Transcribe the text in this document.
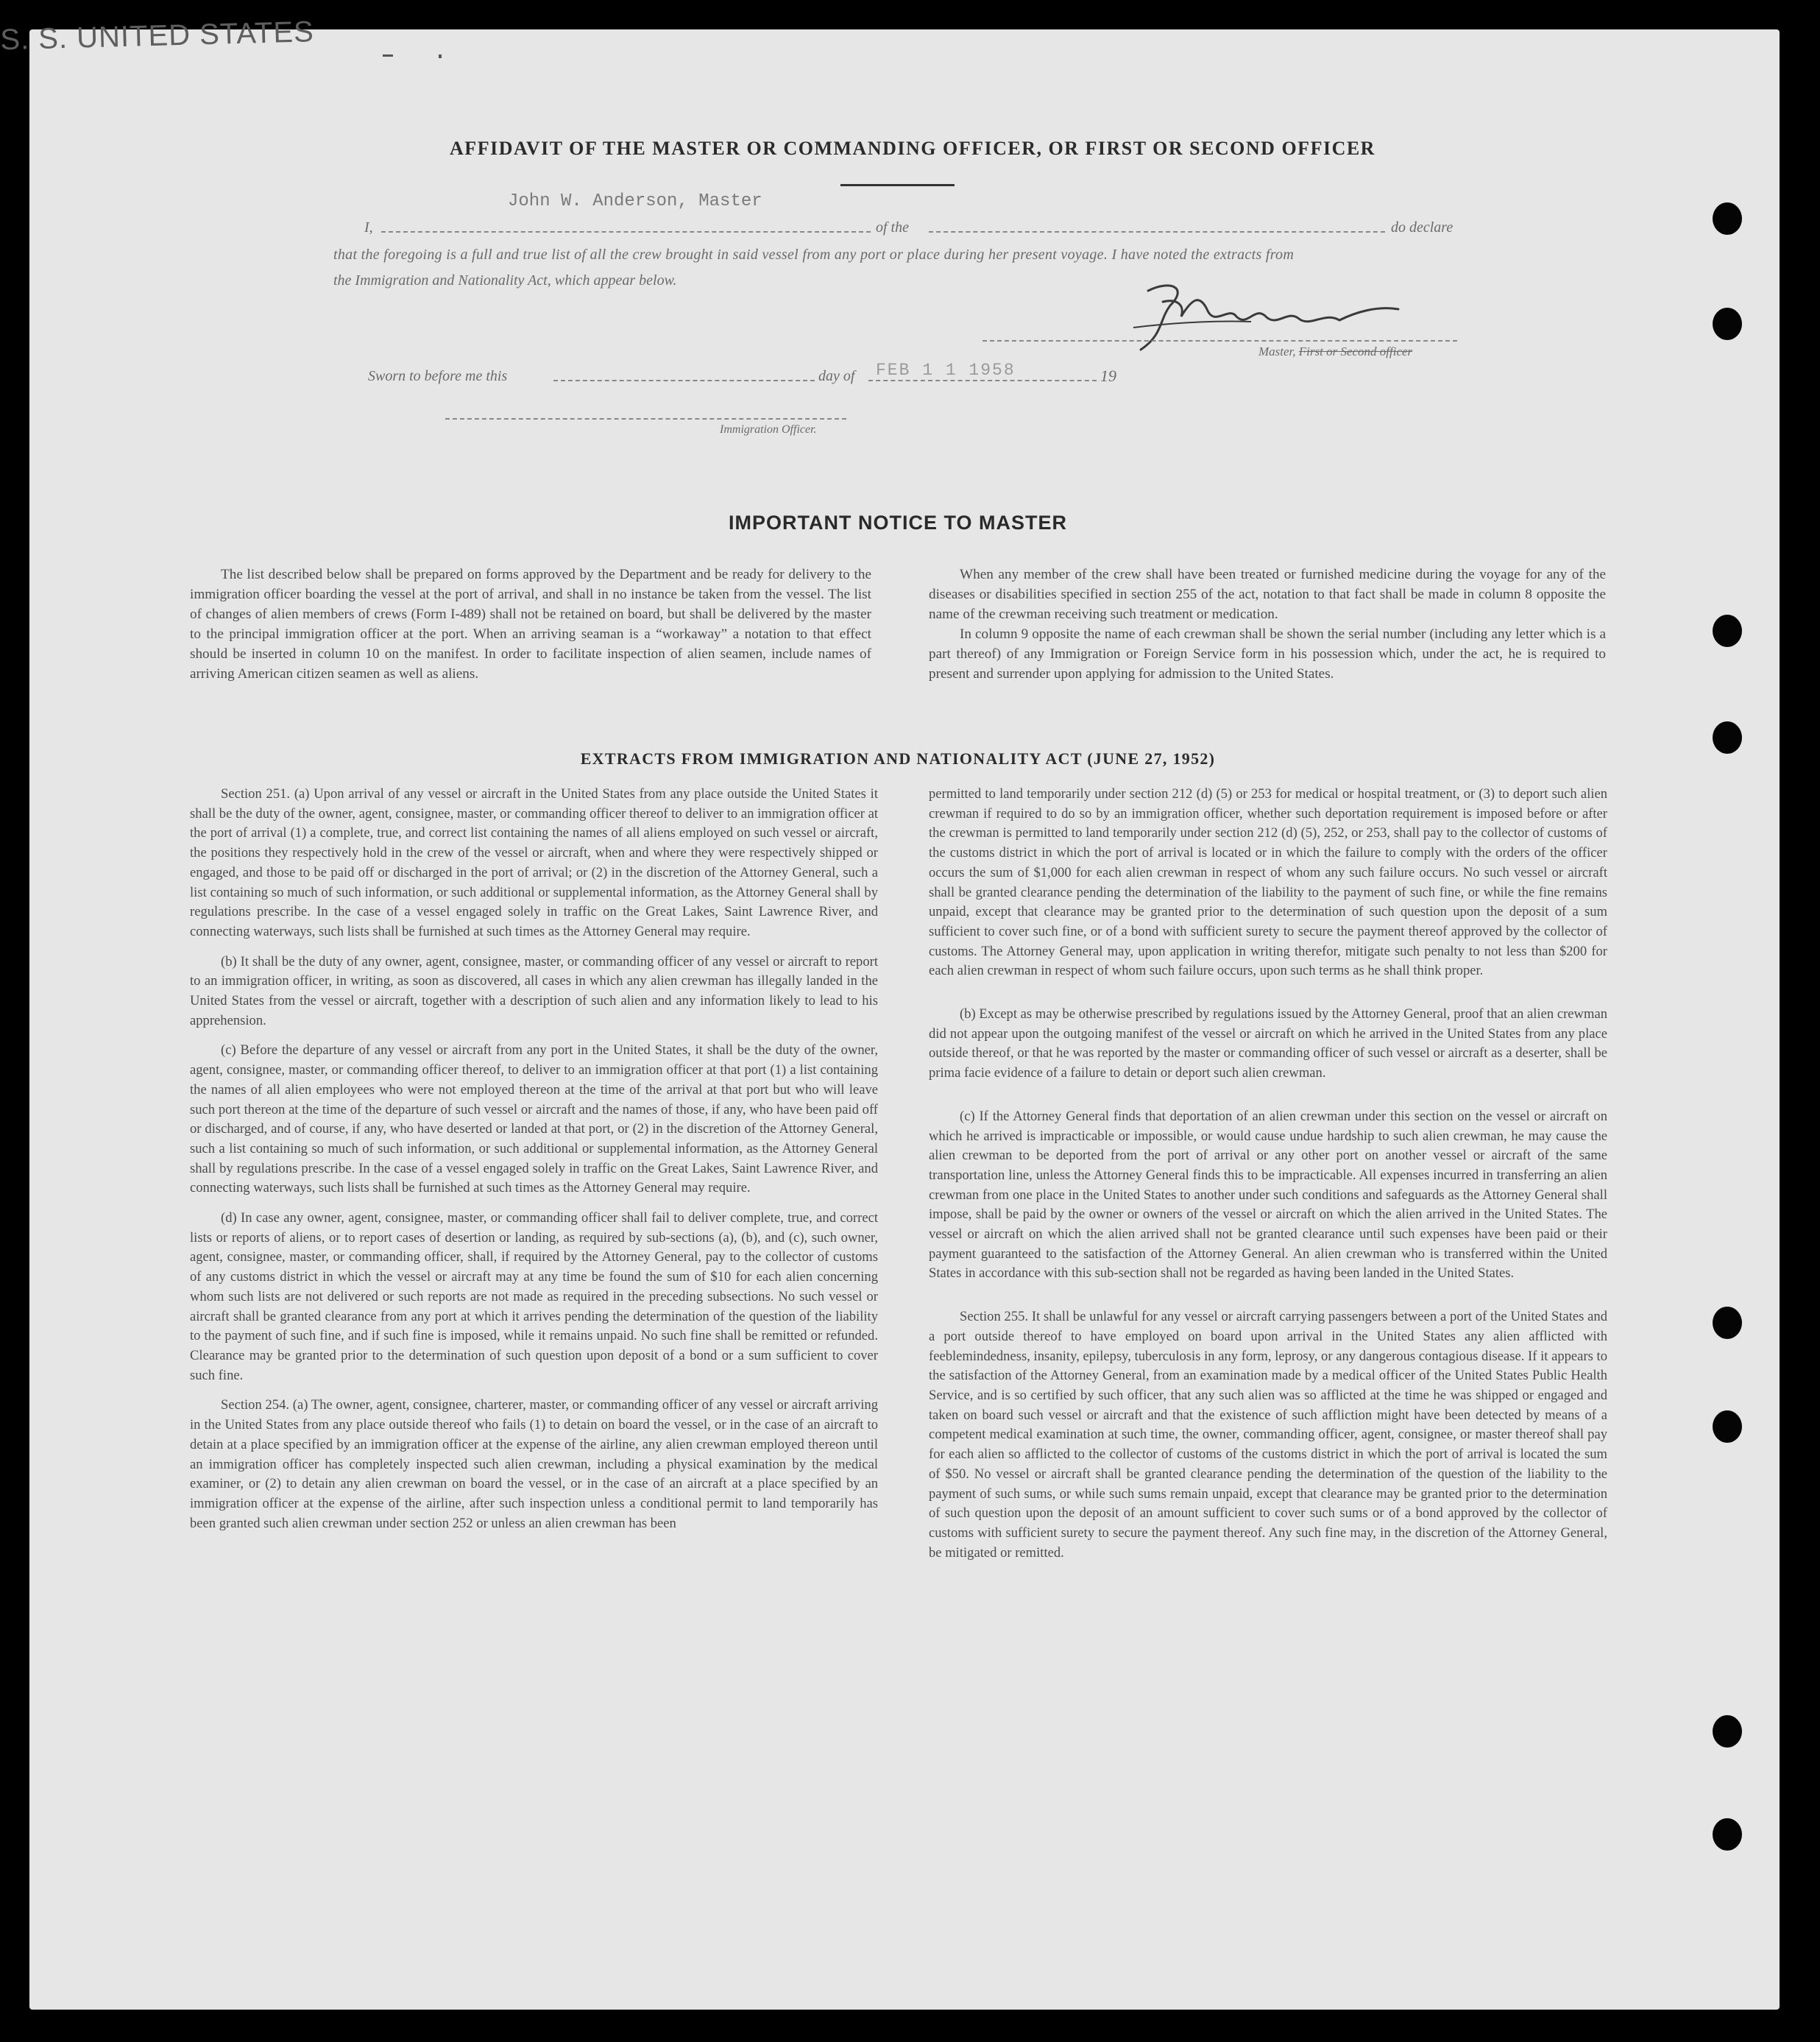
AFFIDAVIT OF THE MASTER OR COMMANDING OFFICER, OR FIRST OR SECOND OFFICER
I,
John W. Anderson, Master
of the
S. S. UNITED STATES
do declare
that the foregoing is a full and true list of all the crew brought in said vessel from any port or place during her present voyage. I have noted the extracts from
the Immigration and Nationality Act, which appear below.
Master, First or Second officer
Sworn to before me this	day of FEB 1 1 1958	19
Immigration Officer.
IMPORTANT NOTICE TO MASTER

The list described below shall be prepared on forms approved by the Department and be ready for delivery to the immigration officer boarding the vessel at the port of arrival, and shall in no instance be taken from the vessel. The list of changes of alien members of crews (Form I-489) shall not be retained on board, but shall be delivered by the master to the principal immigration officer at the port. When an arriving seaman is a “workaway” a notation to that effect should be inserted in column 10 on the manifest. In order to facilitate inspection of alien seamen, include names of arriving American citizen seamen as well as aliens.

When any member of the crew shall have been treated or furnished medicine during the voyage for any of the diseases or disabilities specified in section 255 of the act, notation to that fact shall be made in column 8 opposite the name of the crewman receiving such treatment or medication.

In column 9 opposite the name of each crewman shall be shown the serial number (including any letter which is a part thereof) of any Immigration or Foreign Service form in his possession which, under the act, he is required to present and surrender upon applying for admission to the United States.

EXTRACTS FROM IMMIGRATION AND NATIONALITY ACT (JUNE 27, 1952)

Section 251. (a) Upon arrival of any vessel or aircraft in the United States from any place outside the United States it shall be the duty of the owner, agent, consignee, master, or commanding officer thereof to deliver to an immigration officer at the port of arrival (1) a complete, true, and correct list containing the names of all aliens employed on such vessel or aircraft, the positions they respectively hold in the crew of the vessel or aircraft, when and where they were respectively shipped or engaged, and those to be paid off or discharged in the port of arrival; or (2) in the discretion of the Attorney General, such a list containing so much of such information, or such additional or supplemental information, as the Attorney General shall by regulations prescribe. In the case of a vessel engaged solely in traffic on the Great Lakes, Saint Lawrence River, and connecting waterways, such lists shall be furnished at such times as the Attorney General may require.

(b) It shall be the duty of any owner, agent, consignee, master, or commanding officer of any vessel or aircraft to report to an immigration officer, in writing, as soon as discovered, all cases in which any alien crewman has illegally landed in the United States from the vessel or aircraft, together with a description of such alien and any information likely to lead to his apprehension.

(c) Before the departure of any vessel or aircraft from any port in the United States, it shall be the duty of the owner, agent, consignee, master, or commanding officer thereof, to deliver to an immigration officer at that port (1) a list containing the names of all alien employees who were not employed thereon at the time of the arrival at that port but who will leave such port thereon at the time of the departure of such vessel or aircraft and the names of those, if any, who have been paid off or discharged, and of course, if any, who have deserted or landed at that port, or (2) in the discretion of the Attorney General, such a list containing so much of such information, or such additional or supplemental information, as the Attorney General shall by regulations prescribe. In the case of a vessel engaged solely in traffic on the Great Lakes, Saint Lawrence River, and connecting waterways, such lists shall be furnished at such times as the Attorney General may require.

(d) In case any owner, agent, consignee, master, or commanding officer shall fail to deliver complete, true, and correct lists or reports of aliens, or to report cases of desertion or landing, as required by sub-sections (a), (b), and (c), such owner, agent, consignee, master, or commanding officer, shall, if required by the Attorney General, pay to the collector of customs of any customs district in which the vessel or aircraft may at any time be found the sum of $10 for each alien concerning whom such lists are not delivered or such reports are not made as required in the preceding subsections. No such vessel or aircraft shall be granted clearance from any port at which it arrives pending the determination of the question of the liability to the payment of such fine, and if such fine is imposed, while it remains unpaid. No such fine shall be remitted or refunded. Clearance may be granted prior to the determination of such question upon deposit of a bond or a sum sufficient to cover such fine.

Section 254. (a) The owner, agent, consignee, charterer, master, or commanding officer of any vessel or aircraft arriving in the United States from any place outside thereof who fails (1) to detain on board the vessel, or in the case of an aircraft to detain at a place specified by an immigration officer at the expense of the airline, any alien crewman employed thereon until an immigration officer has completely inspected such alien crewman, including a physical examination by the medical examiner, or (2) to detain any alien crewman on board the vessel, or in the case of an aircraft at a place specified by an immigration officer at the expense of the airline, after such inspection unless a conditional permit to land temporarily has been granted such alien crewman under section 252 or unless an alien crewman has been

permitted to land temporarily under section 212 (d) (5) or 253 for medical or hospital treatment, or (3) to deport such alien crewman if required to do so by an immigration officer, whether such deportation requirement is imposed before or after the crewman is permitted to land temporarily under section 212 (d) (5), 252, or 253, shall pay to the collector of customs of the customs district in which the port of arrival is located or in which the failure to comply with the orders of the officer occurs the sum of $1,000 for each alien crewman in respect of whom any such failure occurs. No such vessel or aircraft shall be granted clearance pending the determination of the liability to the payment of such fine, or while the fine remains unpaid, except that clearance may be granted prior to the determination of such question upon the deposit of a sum sufficient to cover such fine, or of a bond with sufficient surety to secure the payment thereof approved by the collector of customs. The Attorney General may, upon application in writing therefor, mitigate such penalty to not less than $200 for each alien crewman in respect of whom such failure occurs, upon such terms as he shall think proper.

(b) Except as may be otherwise prescribed by regulations issued by the Attorney General, proof that an alien crewman did not appear upon the outgoing manifest of the vessel or aircraft on which he arrived in the United States from any place outside thereof, or that he was reported by the master or commanding officer of such vessel or aircraft as a deserter, shall be prima facie evidence of a failure to detain or deport such alien crewman.

(c) If the Attorney General finds that deportation of an alien crewman under this section on the vessel or aircraft on which he arrived is impracticable or impossible, or would cause undue hardship to such alien crewman, he may cause the alien crewman to be deported from the port of arrival or any other port on another vessel or aircraft of the same transportation line, unless the Attorney General finds this to be impracticable. All expenses incurred in transferring an alien crewman from one place in the United States to another under such conditions and safeguards as the Attorney General shall impose, shall be paid by the owner or owners of the vessel or aircraft on which the alien arrived in the United States. The vessel or aircraft on which the alien arrived shall not be granted clearance until such expenses have been paid or their payment guaranteed to the satisfaction of the Attorney General. An alien crewman who is transferred within the United States in accordance with this sub-section shall not be regarded as having been landed in the United States.

Section 255. It shall be unlawful for any vessel or aircraft carrying passengers between a port of the United States and a port outside thereof to have employed on board upon arrival in the United States any alien afflicted with feeblemindedness, insanity, epilepsy, tuberculosis in any form, leprosy, or any dangerous contagious disease. If it appears to the satisfaction of the Attorney General, from an examination made by a medical officer of the United States Public Health Service, and is so certified by such officer, that any such alien was so afflicted at the time he was shipped or engaged and taken on board such vessel or aircraft and that the existence of such affliction might have been detected by means of a competent medical examination at such time, the owner, commanding officer, agent, consignee, or master thereof shall pay for each alien so afflicted to the collector of customs of the customs district in which the port of arrival is located the sum of $50. No vessel or aircraft shall be granted clearance pending the determination of the question of the liability to the payment of such sums, or while such sums remain unpaid, except that clearance may be granted prior to the determination of such question upon the deposit of an amount sufficient to cover such sums or of a bond approved by the collector of customs with sufficient surety to secure the payment thereof. Any such fine may, in the discretion of the Attorney General, be mitigated or remitted.
